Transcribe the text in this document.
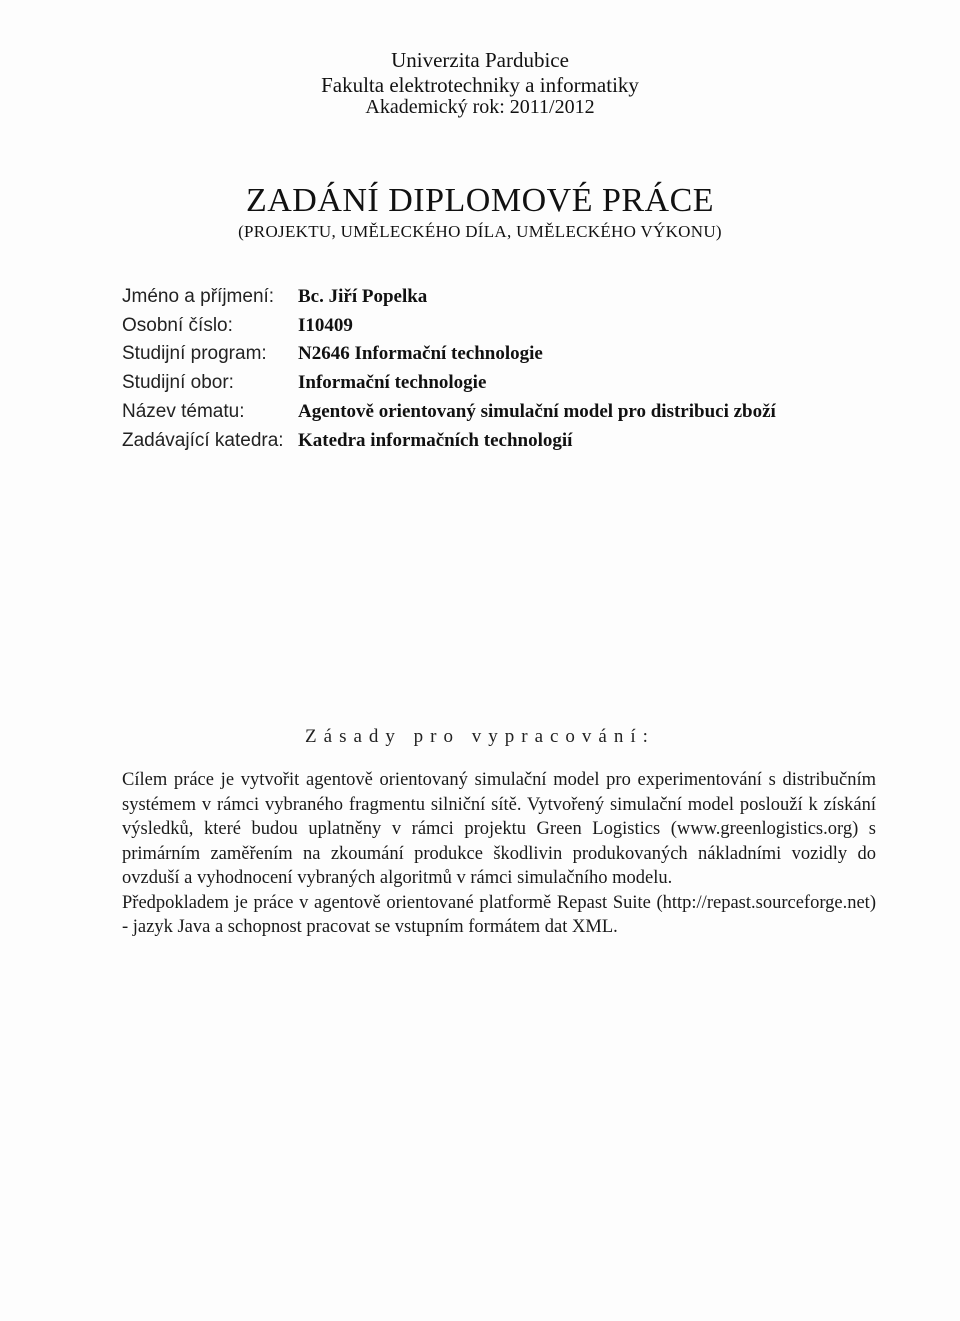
Univerzita Pardubice
Fakulta elektrotechniky a informatiky
Akademický rok: 2011/2012
ZADÁNÍ DIPLOMOVÉ PRÁCE
(PROJEKTU, UMĚLECKÉHO DÍLA, UMĚLECKÉHO VÝKONU)
Jméno a příjmení: Bc. Jiří Popelka
Osobní číslo:	I10409
Studijní program: N2646 Informační technologie
Studijní obor:	Informační technologie
Název tématu:	Agentově orientovaný simulační model pro distribuci zboží
Zadávající katedra: Katedra informačních technologií
Zásady pro vypracování:

Cílem práce je vytvořit agentově orientovaný simulační model pro experimentování s distribučním systémem v rámci vybraného fragmentu silniční sítě. Vytvořený simulační model poslouží k získání výsledků, které budou uplatněny v rámci projektu Green Logistics (www.greenlogistics.org) s primárním zaměřením na zkoumání produkce škodlivin produkovaných nákladními vozidly do ovzduší a vyhodnocení vybraných algoritmů v rámci simulačního modelu.

Předpokladem je práce v agentově orientované platformě Repast Suite (http://repast.sourceforge.net) - jazyk Java a schopnost pracovat se vstupním formátem dat XML.
